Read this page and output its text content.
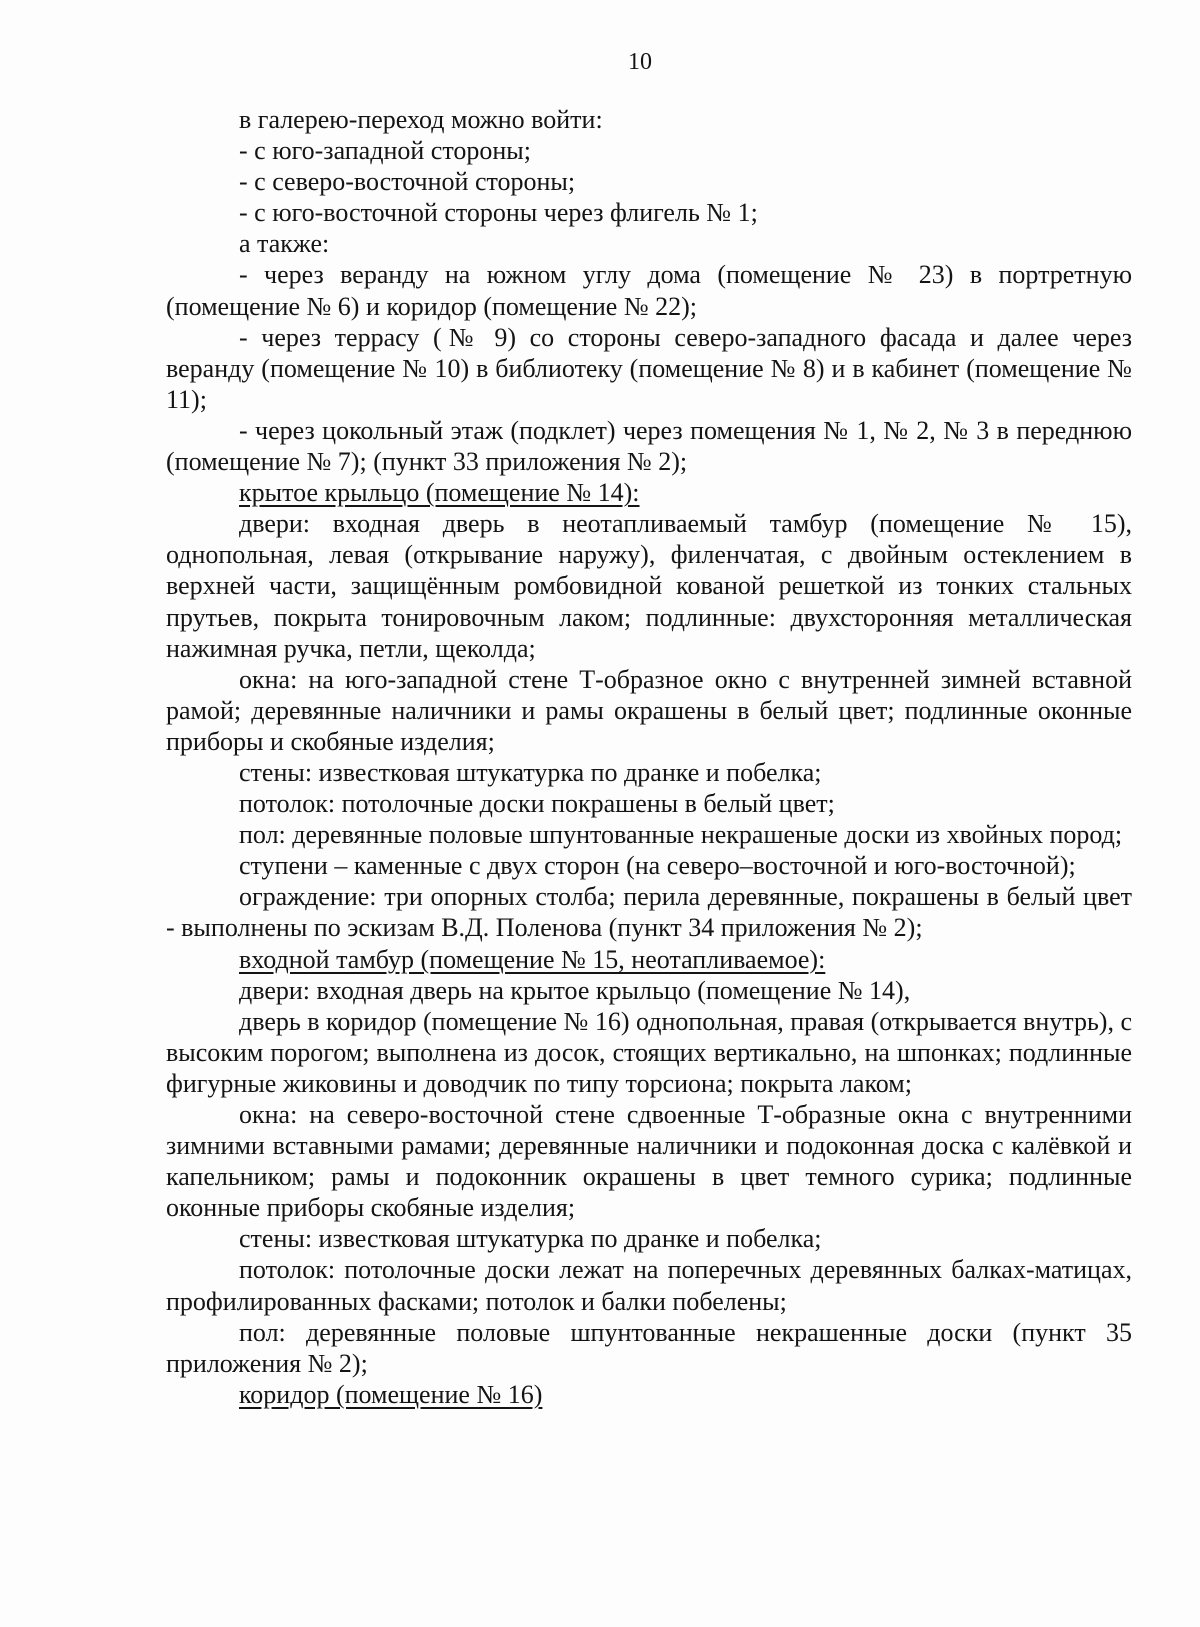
10

в галерею-переход можно войти:

- с юго-западной стороны;

- с северо-восточной стороны;

- с юго-восточной стороны через флигель № 1;

а также:

- через веранду на южном углу дома (помещение № 23) в портретную (помещение № 6) и коридор (помещение № 22);

- через террасу (№ 9) со стороны северо-западного фасада и далее через веранду (помещение № 10) в библиотеку (помещение № 8) и в кабинет (помещение № 11);

- через цокольный этаж (подклет) через помещения № 1, № 2, № 3 в переднюю (помещение № 7); (пункт 33 приложения № 2);

крытое крыльцо (помещение № 14):

двери: входная дверь в неотапливаемый тамбур (помещение № 15), однопольная, левая (открывание наружу), филенчатая, с двойным остеклением в верхней части, защищённым ромбовидной кованой решеткой из тонких стальных прутьев, покрыта тонировочным лаком; подлинные: двухсторонняя металлическая нажимная ручка, петли, щеколда;

окна: на юго-западной стене Т-образное окно с внутренней зимней вставной рамой; деревянные наличники и рамы окрашены в белый цвет; подлинные оконные приборы и скобяные изделия;

стены: известковая штукатурка по дранке и побелка;

потолок: потолочные доски покрашены в белый цвет;

пол: деревянные половые шпунтованные некрашеные доски из хвойных пород;

ступени – каменные с двух сторон (на северо–восточной и юго-восточной);

ограждение: три опорных столба; перила деревянные, покрашены в белый цвет - выполнены по эскизам В.Д. Поленова (пункт 34 приложения № 2);

входной тамбур (помещение № 15, неотапливаемое):

двери: входная дверь на крытое крыльцо (помещение № 14),

дверь в коридор (помещение № 16) однопольная, правая (открывается внутрь), с высоким порогом; выполнена из досок, стоящих вертикально, на шпонках; подлинные фигурные жиковины и доводчик по типу торсиона; покрыта лаком;

окна: на северо-восточной стене сдвоенные Т-образные окна с внутренними зимними вставными рамами; деревянные наличники и подоконная доска с калёвкой и капельником; рамы и подоконник окрашены в цвет темного сурика; подлинные оконные приборы скобяные изделия;

стены: известковая штукатурка по дранке и побелка;

потолок: потолочные доски лежат на поперечных деревянных балках-матицах, профилированных фасками; потолок и балки побелены;

пол: деревянные половые шпунтованные некрашенные доски (пункт 35 приложения № 2);

коридор (помещение № 16)
